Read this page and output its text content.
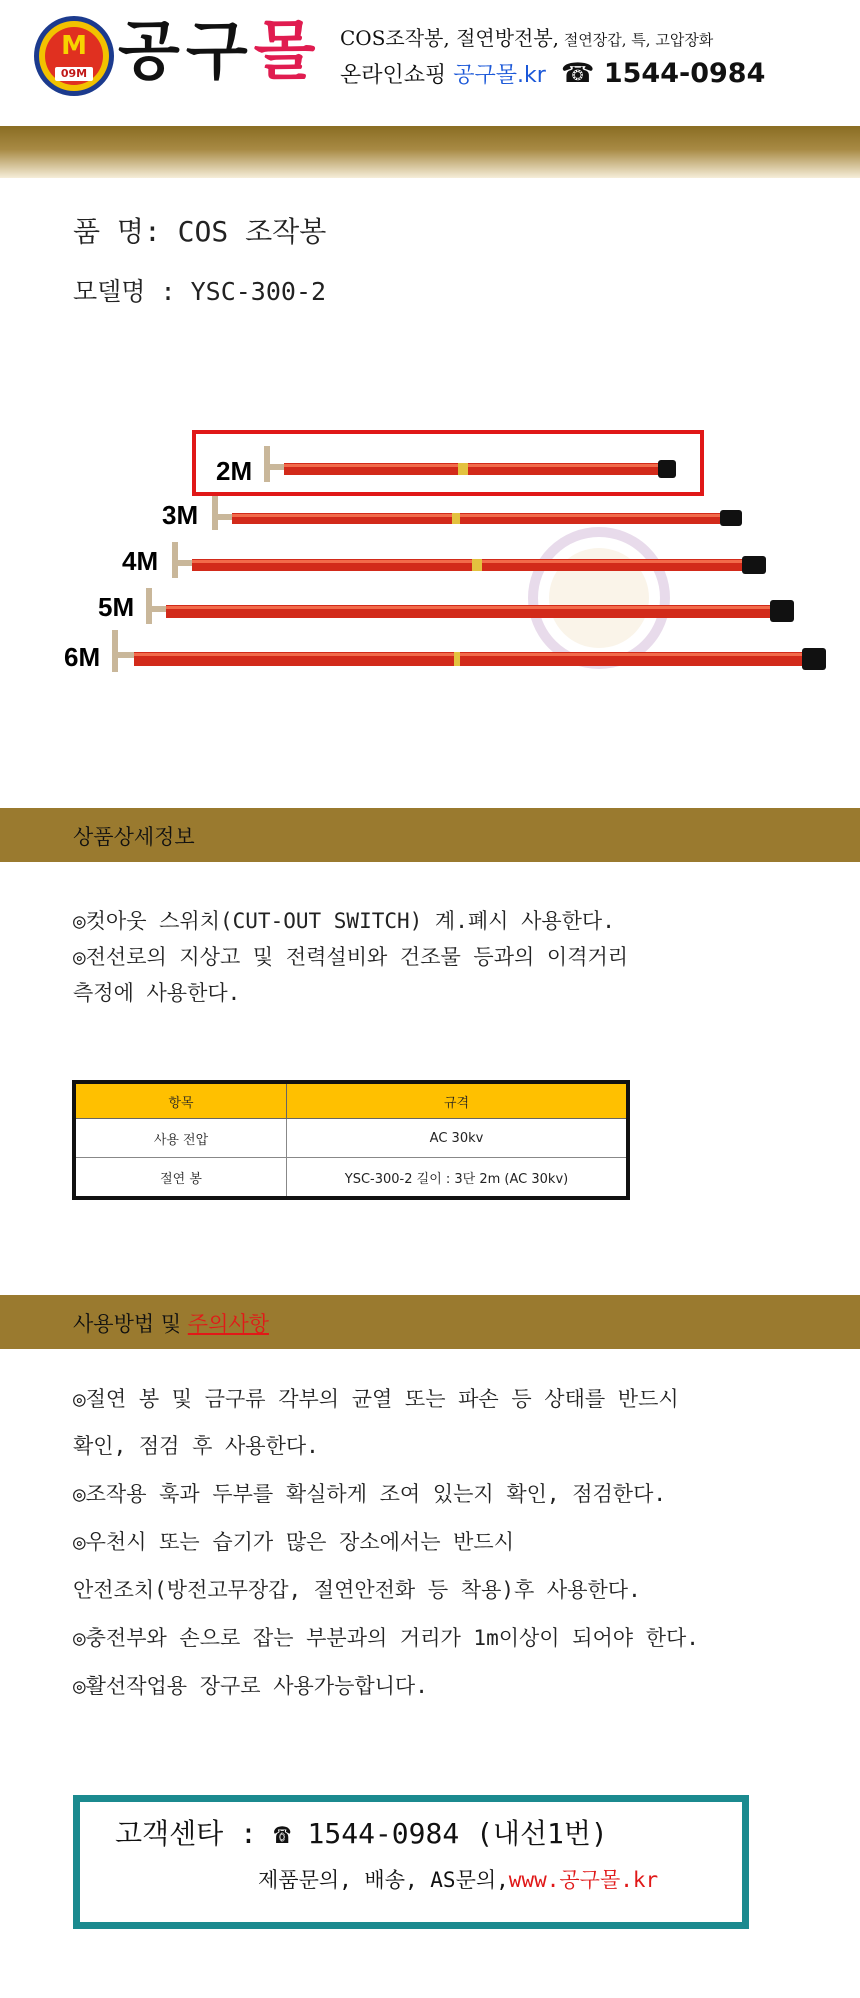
M
09M 공구몰 COS조작봉, 절연방전봉, 절연장갑, 특, 고압장화
온라인쇼핑 공구몰.kr ☎ 1544-0984
품 명: COS 조작봉
모델명 : YSC-300-2
2M
3M
4M
5M
6M
상품상세정보
◎컷아웃 스위치(CUT-OUT SWITCH) 계.폐시 사용한다.
◎전선로의 지상고 및 전력설비와 건조물 등과의 이격거리
측정에 사용한다.
항목	규격
사용 전압	AC 30kv
절연 봉	YSC-300-2 길이 : 3단 2m (AC 30kv)
사용방법 및 주의사항
◎절연 봉 및 금구류 각부의 균열 또는 파손 등 상태를 반드시
확인, 점검 후 사용한다.
◎조작용 훅과 두부를 확실하게 조여 있는지 확인, 점검한다.
◎우천시 또는 습기가 많은 장소에서는 반드시
안전조치(방전고무장갑, 절연안전화 등 착용)후 사용한다.
◎충전부와 손으로 잡는 부분과의 거리가 1m이상이 되어야 한다.
◎활선작업용 장구로 사용가능합니다.
고객센타 : ☎ 1544-0984 (내선1번)
제품문의, 배송, AS문의,www.공구몰.kr
